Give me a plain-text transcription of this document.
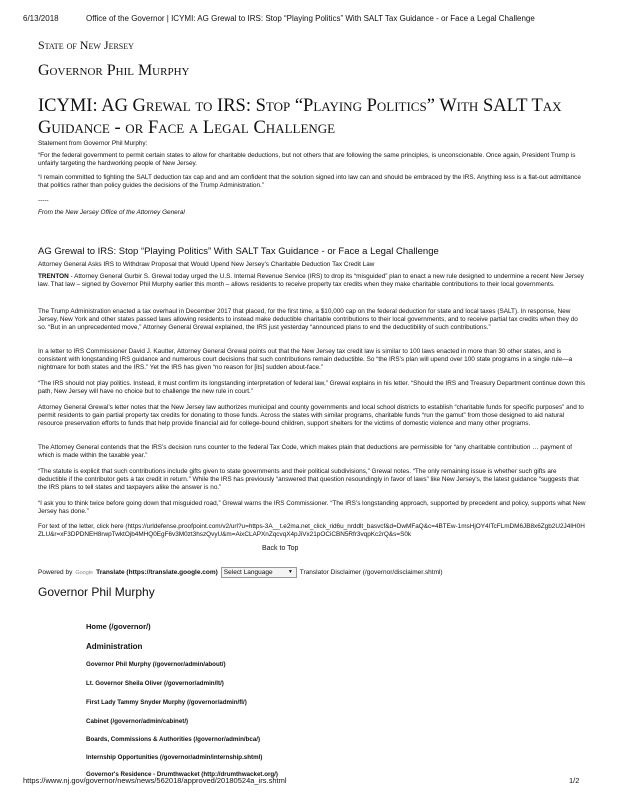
6/13/2018	Office of the Governor | ICYMI: AG Grewal to IRS: Stop “Playing Politics” With SALT Tax Guidance - or Face a Legal Challenge
State of New Jersey
Governor Phil Murphy
ICYMI: AG Grewal to IRS: Stop “Playing Politics” With SALT Tax Guidance - or Face a Legal Challenge

Statement from Governor Phil Murphy:

“For the federal government to permit certain states to allow for charitable deductions, but not others that are following the same principles, is unconscionable. Once again, President Trump is unfairly targeting the hardworking people of New Jersey.

“I remain committed to fighting the SALT deduction tax cap and and am confident that the solution signed into law can and should be embraced by the IRS. Anything less is a flat-out admittance that politics rather than policy guides the decisions of the Trump Administration.”

-----

From the New Jersey Office of the Attorney General

AG Grewal to IRS: Stop “Playing Politics” With SALT Tax Guidance - or Face a Legal Challenge

Attorney General Asks IRS to Withdraw Proposal that Would Upend New Jersey’s Charitable Deduction Tax Credit Law

TRENTON - Attorney General Gurbir S. Grewal today urged the U.S. Internal Revenue Service (IRS) to drop its “misguided” plan to enact a new rule designed to undermine a recent New Jersey law. That law – signed by Governor Phil Murphy earlier this month – allows residents to receive property tax credits when they make charitable contributions to their local governments.

The Trump Administration enacted a tax overhaul in December 2017 that placed, for the first time, a $10,000 cap on the federal deduction for state and local taxes (SALT). In response, New Jersey, New York and other states passed laws allowing residents to instead make deductible charitable contributions to their local governments, and to receive partial tax credits when they do so. “But in an unprecedented move,” Attorney General Grewal explained, the IRS just yesterday “announced plans to end the deductibility of such contributions.”

In a letter to IRS Commissioner David J. Kautter, Attorney General Grewal points out that the New Jersey tax credit law is similar to 100 laws enacted in more than 30 other states, and is consistent with longstanding IRS guidance and numerous court decisions that such contributions remain deductible. So “the IRS’s plan will upend over 100 state programs in a single rule—a nightmare for both states and the IRS.” Yet the IRS has given “no reason for [its] sudden about-face.”

“The IRS should not play politics. Instead, it must confirm its longstanding interpretation of federal law,” Grewal explains in his letter. “Should the IRS and Treasury Department continue down this path, New Jersey will have no choice but to challenge the new rule in court.”

Attorney General Grewal’s letter notes that the New Jersey law authorizes municipal and county governments and local school districts to establish “charitable funds for specific purposes” and to permit residents to gain partial property tax credits for donating to those funds. Across the states with similar programs, charitable funds “run the gamut” from those designed to aid natural resource preservation efforts to funds that help provide financial aid for college-bound children, support shelters for the victims of domestic violence and many other programs.

The Attorney General contends that the IRS’s decision runs counter to the federal Tax Code, which makes plain that deductions are permissible for “any charitable contribution … payment of which is made within the taxable year.”

“The statute is explicit that such contributions include gifts given to state governments and their political subdivisions,” Grewal notes. “The only remaining issue is whether such gifts are deductible if the contributor gets a tax credit in return.” While the IRS has previously “answered that question resoundingly in favor of laws” like New Jersey’s, the latest guidance “suggests that the IRS plans to tell states and taxpayers alike the answer is no.”

“I ask you to think twice before going down that misguided road,” Grewal warns the IRS Commissioner. “The IRS’s longstanding approach, supported by precedent and policy, supports what New Jersey has done.”

For text of the letter, click here (https://urldefense.proofpoint.com/v2/url?u=https-3A__t.e2ma.net_click_rid6u_nrddlt_basvcf&d=DwMFaQ&c=4BTEw-1msHjOY4ITcFLmDM6JB8x6Zgb2U2J4IH0HZLU&r=xF3DPDNEH8rwpTwktOjb4MHQ0EgF6v3M0zt3hszQvyU&m=AixCLAPXnZqcvqX4pJiVx21pOCiCBN5Rfr3vqpKc2rQ&s=S0k

Back to Top
Powered by Google Translate (https://translate.google.com) Select Language	▼ Translator Disclaimer (/governor/disclaimer.shtml)
Governor Phil Murphy
Home (/governor/)
Administration
Governor Phil Murphy (/governor/admin/about/)
Lt. Governor Sheila Oliver (/governor/admin/lt/)
First Lady Tammy Snyder Murphy (/governor/admin/fl/)
Cabinet (/governor/admin/cabinet/)
Boards, Commissions & Authorities (/governor/admin/bca/)
Internship Opportunities (/governor/admin/internship.shtml)
Governor's Residence - Drumthwacket (http://drumthwacket.org/)
https://www.nj.gov/governor/news/news/562018/approved/20180524a_irs.shtml	1/2
